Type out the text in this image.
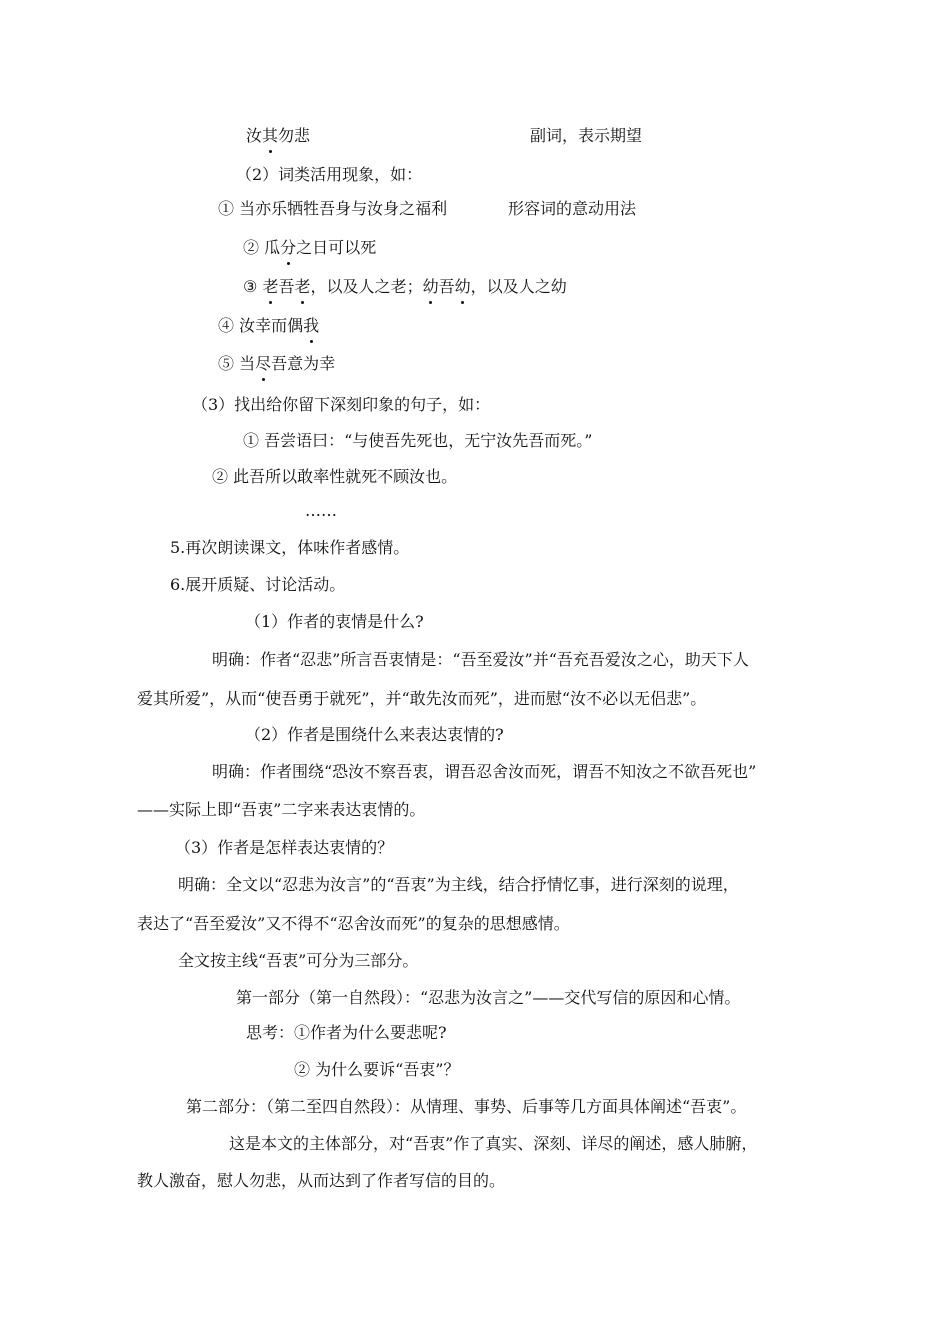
汝其勿悲	副词，表示期望
（2）词类活用现象，如：
① 当亦乐牺牲吾身与汝身之福利	形容词的意动用法
② 瓜分之日可以死
③ 老吾老，以及人之老；幼吾幼，以及人之幼
④ 汝幸而偶我
⑤ 当尽吾意为幸
（3）找出给你留下深刻印象的句子，如：
① 吾尝语曰：“与使吾先死也，无宁汝先吾而死。”
② 此吾所以敢率性就死不顾汝也。
……
5.再次朗读课文，体味作者感情。
6.展开质疑、讨论活动。
（1）作者的衷情是什么?
明确：作者“忍悲”所言吾衷情是：“吾至爱汝”并“吾充吾爱汝之心，助天下人
爱其所爱”，从而“使吾勇于就死”，并“敢先汝而死”，进而慰“汝不必以无侣悲”。
（2）作者是围绕什么来表达衷情的?
明确：作者围绕“恐汝不察吾衷，谓吾忍舍汝而死，谓吾不知汝之不欲吾死也”
——实际上即“吾衷”二字来表达衷情的。
（3）作者是怎样表达衷情的？
明确：全文以“忍悲为汝言”的“吾衷”为主线，结合抒情忆事，进行深刻的说理，
表达了“吾至爱汝”又不得不“忍舍汝而死”的复杂的思想感情。
全文按主线“吾衷”可分为三部分。
第一部分（第一自然段）：“忍悲为汝言之”——交代写信的原因和心情。
思考：①作者为什么要悲呢?
② 为什么要诉“吾衷”？
第二部分：（第二至四自然段）：从情理、事势、后事等几方面具体阐述“吾衷”。
这是本文的主体部分，对“吾衷”作了真实、深刻、详尽的阐述，感人肺腑，
教人激奋，慰人勿悲，从而达到了作者写信的目的。
